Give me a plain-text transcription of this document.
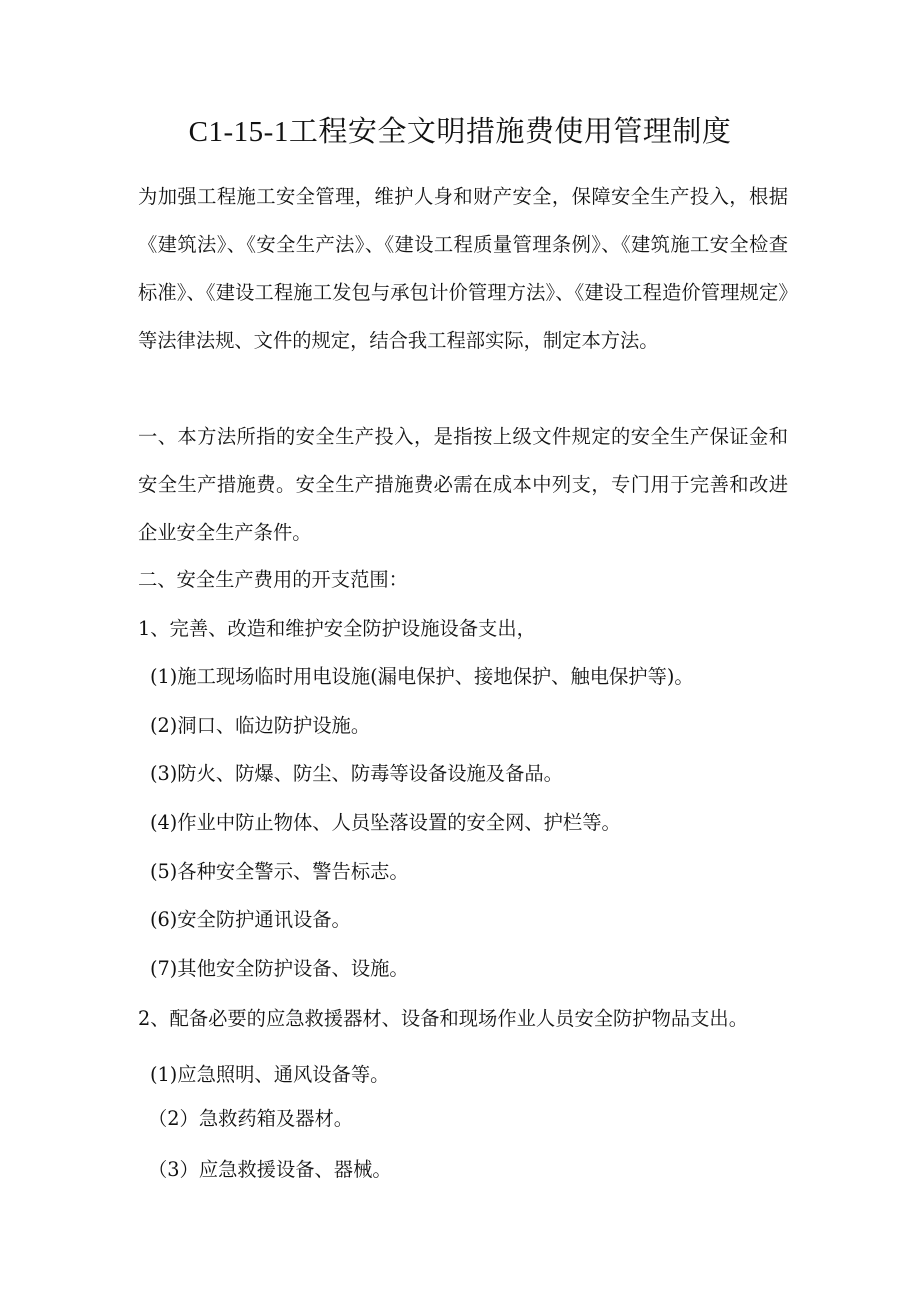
C1-15-1工程安全文明措施费使用管理制度

为加强工程施工安全管理，维护人身和财产安全，保障安全生产投入，根据《建筑法》、《安全生产法》、《建设工程质量管理条例》、《建筑施工安全检查标准》、《建设工程施工发包与承包计价管理方法》、《建设工程造价管理规定》等法律法规、文件的规定，结合我工程部实际，制定本方法。

一、本方法所指的安全生产投入，是指按上级文件规定的安全生产保证金和安全生产措施费。安全生产措施费必需在成本中列支，专门用于完善和改进企业安全生产条件。

二、安全生产费用的开支范围：

1、完善、改造和维护安全防护设施设备支出，

(1)施工现场临时用电设施(漏电保护、接地保护、触电保护等)。

(2)洞口、临边防护设施。

(3)防火、防爆、防尘、防毒等设备设施及备品。

(4)作业中防止物体、人员坠落设置的安全网、护栏等。

(5)各种安全警示、警告标志。

(6)安全防护通讯设备。

(7)其他安全防护设备、设施。

2、配备必要的应急救援器材、设备和现场作业人员安全防护物品支出。

(1)应急照明、通风设备等。

（2）急救药箱及器材。

（3）应急救援设备、器械。
